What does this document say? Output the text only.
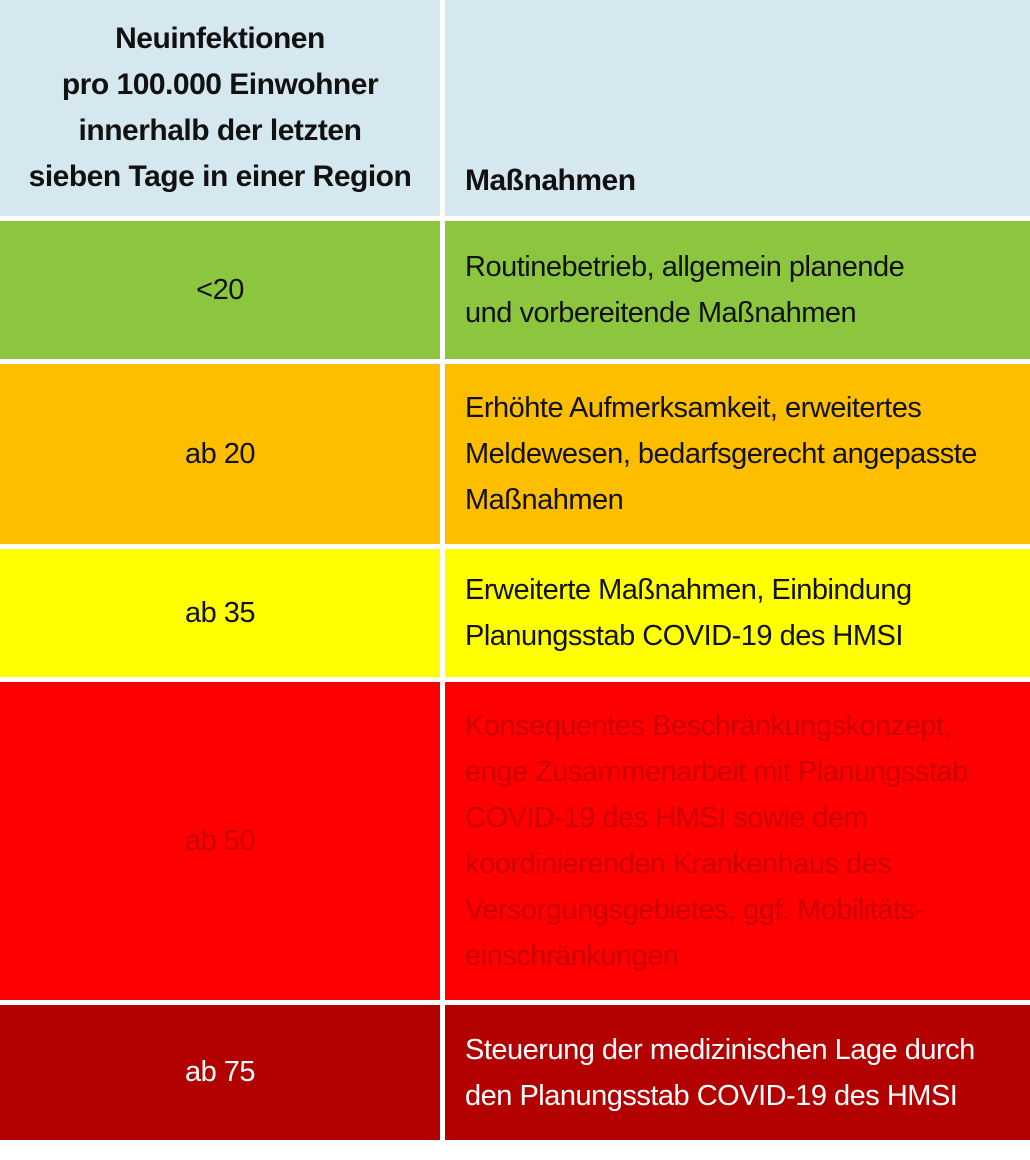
Neuinfektionen
pro 100.000 Einwohner
innerhalb der letzten
sieben Tage in einer Region Maßnahmen
<20
Routinebetrieb, allgemein planende
und vorbereitende Maßnahmen
ab 20
Erhöhte Aufmerksamkeit, erweitertes
Meldewesen, bedarfsgerecht angepasste
Maßnahmen
ab 35
Erweiterte Maßnahmen, Einbindung
Planungsstab COVID-19 des HMSI
ab 50
Konsequentes Beschränkungskonzept,
enge Zusammenarbeit mit Planungsstab
COVID-19 des HMSI sowie dem
koordinierenden Krankenhaus des
Versorgungsgebietes, ggf. Mobilitäts-
einschränkungen
ab 75
Steuerung der medizinischen Lage durch
den Planungsstab COVID-19 des HMSI
